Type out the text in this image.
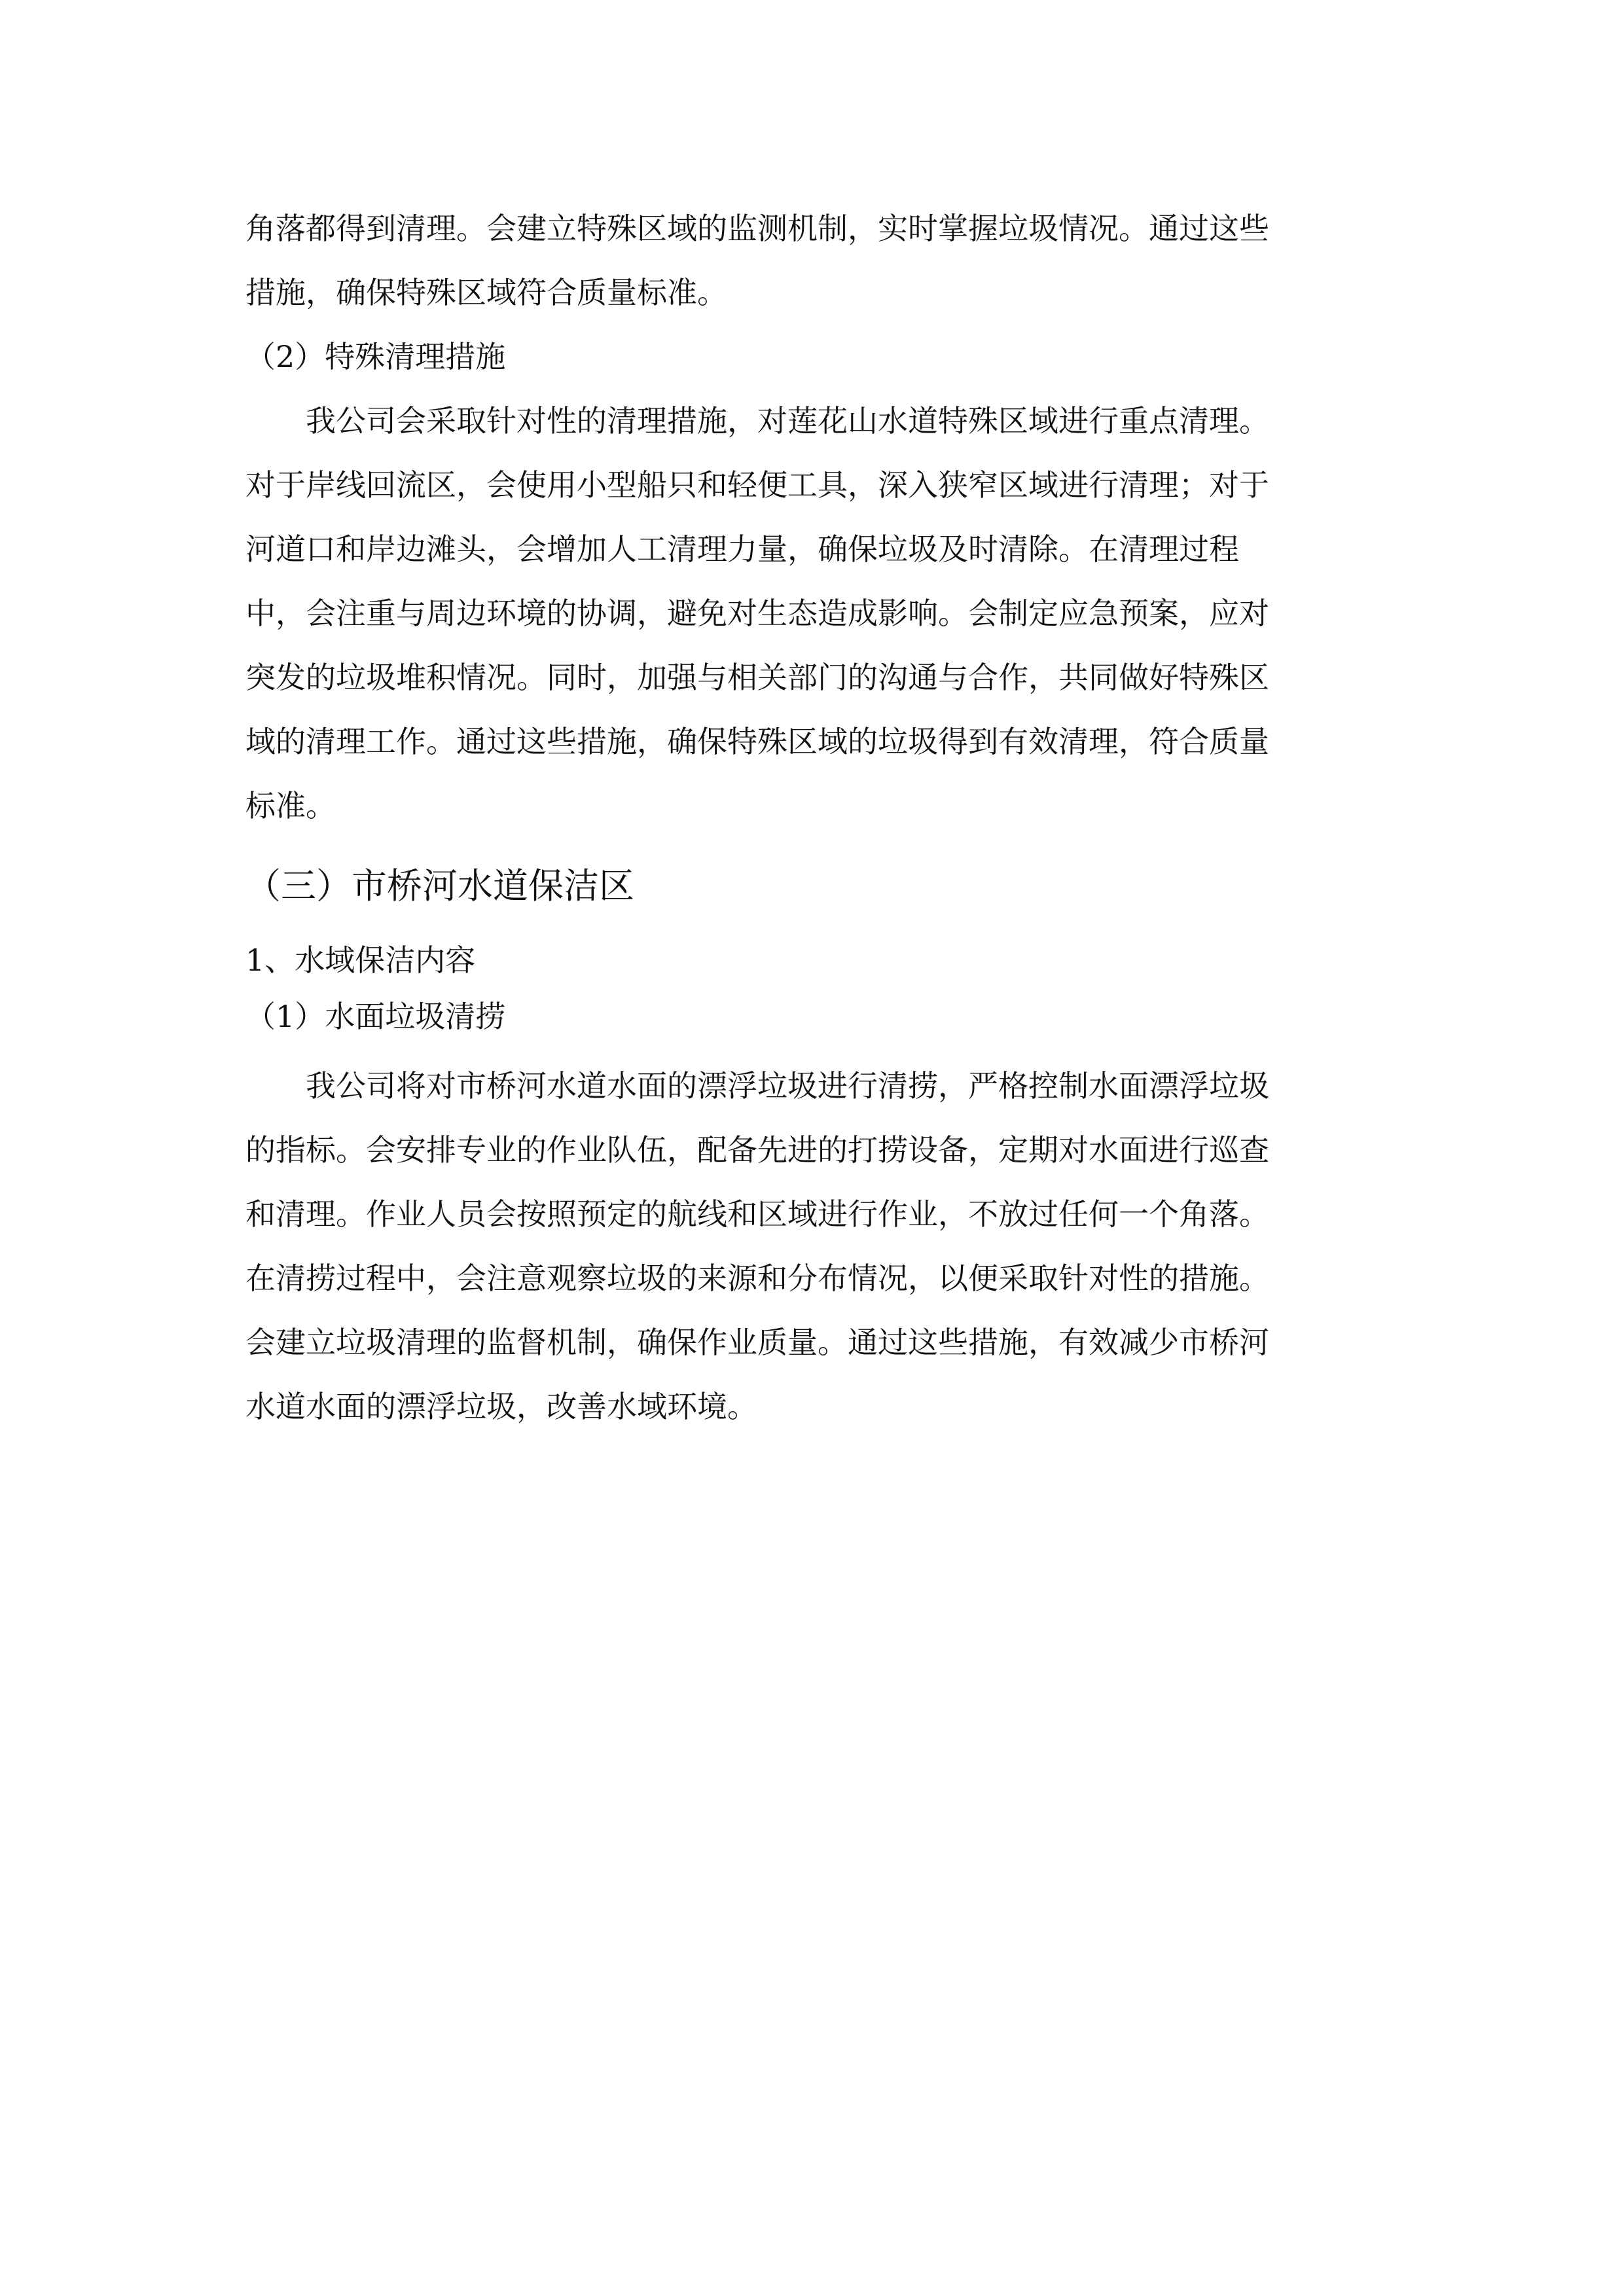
角落都得到清理。会建立特殊区域的监测机制，实时掌握垃圾情况。通过这些

措施，确保特殊区域符合质量标准。

（2）特殊清理措施

我公司会采取针对性的清理措施，对莲花山水道特殊区域进行重点清理。

对于岸线回流区，会使用小型船只和轻便工具，深入狭窄区域进行清理；对于

河道口和岸边滩头，会增加人工清理力量，确保垃圾及时清除。在清理过程

中，会注重与周边环境的协调，避免对生态造成影响。会制定应急预案，应对

突发的垃圾堆积情况。同时，加强与相关部门的沟通与合作，共同做好特殊区

域的清理工作。通过这些措施，确保特殊区域的垃圾得到有效清理，符合质量

标准。

（三）市桥河水道保洁区

1、水域保洁内容

（1）水面垃圾清捞

我公司将对市桥河水道水面的漂浮垃圾进行清捞，严格控制水面漂浮垃圾

的指标。会安排专业的作业队伍，配备先进的打捞设备，定期对水面进行巡查

和清理。作业人员会按照预定的航线和区域进行作业，不放过任何一个角落。

在清捞过程中，会注意观察垃圾的来源和分布情况，以便采取针对性的措施。

会建立垃圾清理的监督机制，确保作业质量。通过这些措施，有效减少市桥河

水道水面的漂浮垃圾，改善水域环境。
